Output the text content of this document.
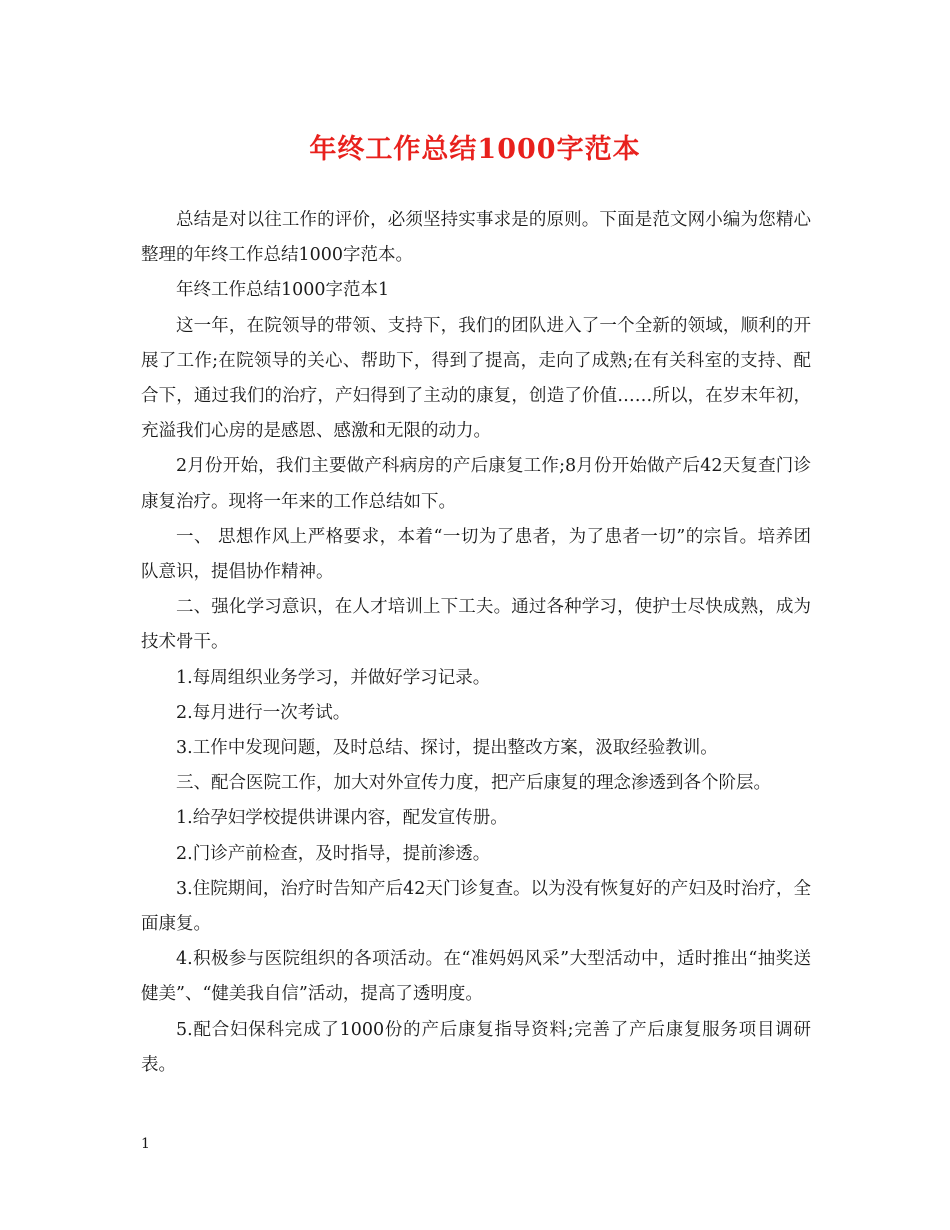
年终工作总结1000字范本

总结是对以往工作的评价，必须坚持实事求是的原则。下面是范文网小编为您精心整理的年终工作总结1000字范本。

年终工作总结1000字范本1

这一年，在院领导的带领、支持下，我们的团队进入了一个全新的领域，顺利的开展了工作;在院领导的关心、帮助下，得到了提高，走向了成熟;在有关科室的支持、配合下，通过我们的治疗，产妇得到了主动的康复，创造了价值……所以，在岁末年初，充溢我们心房的是感恩、感激和无限的动力。

2月份开始，我们主要做产科病房的产后康复工作;8月份开始做产后42天复查门诊康复治疗。现将一年来的工作总结如下。

一、 思想作风上严格要求，本着“一切为了患者，为了患者一切”的宗旨。培养团队意识，提倡协作精神。

二、强化学习意识，在人才培训上下工夫。通过各种学习，使护士尽快成熟，成为技术骨干。

1.每周组织业务学习，并做好学习记录。

2.每月进行一次考试。

3.工作中发现问题，及时总结、探讨，提出整改方案，汲取经验教训。

三、配合医院工作，加大对外宣传力度，把产后康复的理念渗透到各个阶层。

1.给孕妇学校提供讲课内容，配发宣传册。

2.门诊产前检查，及时指导，提前渗透。

3.住院期间，治疗时告知产后42天门诊复查。以为没有恢复好的产妇及时治疗，全面康复。

4.积极参与医院组织的各项活动。在“准妈妈风采”大型活动中，适时推出“抽奖送健美”、“健美我自信”活动，提高了透明度。

5.配合妇保科完成了1000份的产后康复指导资料;完善了产后康复服务项目调研表。

1
